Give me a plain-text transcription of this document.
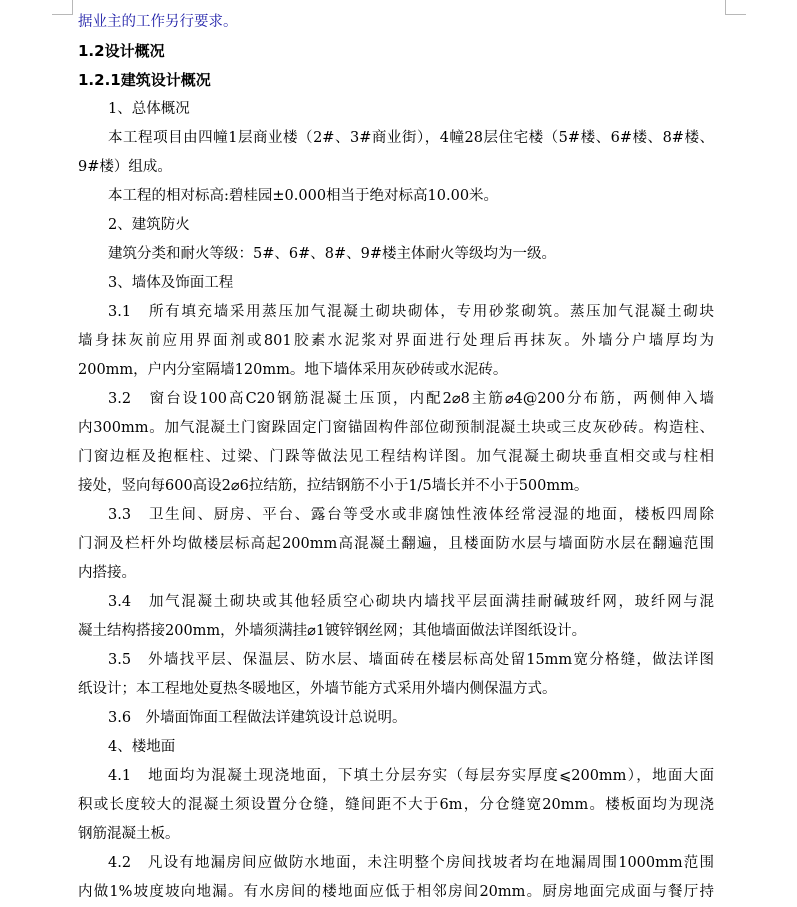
据业主的工作另行要求。
1.2设计概况
1.2.1建筑设计概况
1、总体概况
本工程项目由四幢1层商业楼（2#、3#商业街），4幢28层住宅楼（5#楼、6#楼、8#楼、
9#楼）组成。
本工程的相对标高:碧桂园±0.000相当于绝对标高10.00米。
2、建筑防火
建筑分类和耐火等级：5#、6#、8#、9#楼主体耐火等级均为一级。
3、墙体及饰面工程
3.1　所有填充墙采用蒸压加气混凝土砌块砌体，专用砂浆砌筑。蒸压加气混凝土砌块
墙身抹灰前应用界面剂或801胶素水泥浆对界面进行处理后再抹灰。外墙分户墙厚均为
200mm，户内分室隔墙120mm。地下墙体采用灰砂砖或水泥砖。
3.2　窗台设100高C20钢筋混凝土压顶，内配2⌀8主筋⌀4@200分布筋，两侧伸入墙
内300mm。加气混凝土门窗跺固定门窗锚固构件部位砌预制混凝土块或三皮灰砂砖。构造柱、
门窗边框及抱框柱、过梁、门跺等做法见工程结构详图。加气混凝土砌块垂直相交或与柱相
接处，竖向每600高设2⌀6拉结筋，拉结钢筋不小于1/5墙长并不小于500mm。
3.3　卫生间、厨房、平台、露台等受水或非腐蚀性液体经常浸湿的地面，楼板四周除
门洞及栏杆外均做楼层标高起200mm高混凝土翻遍，且楼面防水层与墙面防水层在翻遍范围
内搭接。
3.4　加气混凝土砌块或其他轻质空心砌块内墙找平层面满挂耐碱玻纤网，玻纤网与混
凝土结构搭接200mm，外墙须满挂⌀1镀锌钢丝网；其他墙面做法详图纸设计。
3.5　外墙找平层、保温层、防水层、墙面砖在楼层标高处留15mm宽分格缝，做法详图
纸设计；本工程地处夏热冬暖地区，外墙节能方式采用外墙内侧保温方式。
3.6　外墙面饰面工程做法详建筑设计总说明。
4、楼地面
4.1　地面均为混凝土现浇地面，下填土分层夯实（每层夯实厚度⩽200mm），地面大面
积或长度较大的混凝土须设置分仓缝，缝间距不大于6m，分仓缝宽20mm。楼板面均为现浇
钢筋混凝土板。
4.2　凡设有地漏房间应做防水地面，未注明整个房间找坡者均在地漏周围1000mm范围
内做1%坡度坡向地漏。有水房间的楼地面应低于相邻房间20mm。厨房地面完成面与餐厅持
